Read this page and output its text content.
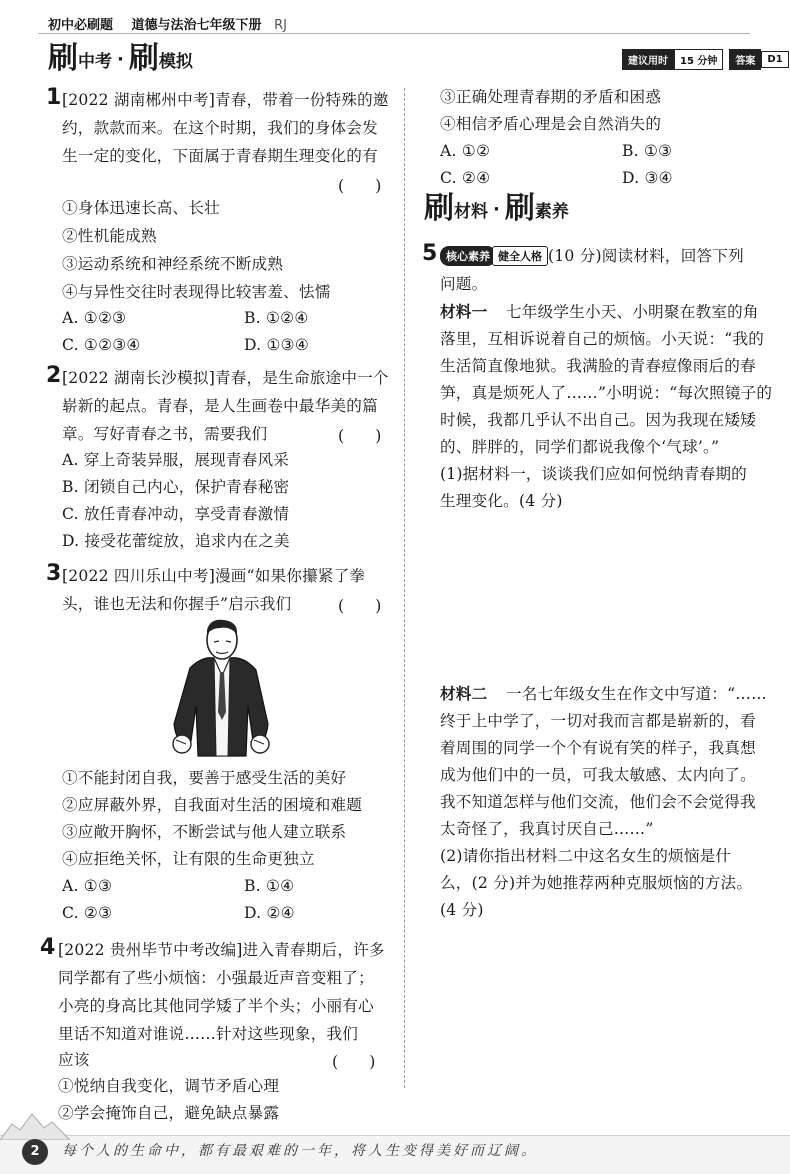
初中必刷题 道德与法治七年级下册 RJ
刷 中考 · 刷 模拟	建议用时	15 分钟	答案	D1
1 [2022 湖南郴州中考]青春，带着一份特殊的邀
约，款款而来。在这个时期，我们的身体会发
生一定的变化，下面属于青春期生理变化的有
(　　)
①身体迅速长高、长壮
②性机能成熟
③运动系统和神经系统不断成熟
④与异性交往时表现得比较害羞、怯懦
A. ①②③	B. ①②④
C. ①②③④	D. ①③④
2 [2022 湖南长沙模拟]青春，是生命旅途中一个
崭新的起点。青春，是人生画卷中最华美的篇
章。写好青春之书，需要我们	(　　)
A. 穿上奇装异服，展现青春风采
B. 闭锁自己内心，保护青春秘密
C. 放任青春冲动，享受青春激情
D. 接受花蕾绽放，追求内在之美
3 [2022 四川乐山中考]漫画“如果你攥紧了拳
头，谁也无法和你握手”启示我们	(　　)
①不能封闭自我，要善于感受生活的美好
②应屏蔽外界，自我面对生活的困境和难题
③应敞开胸怀，不断尝试与他人建立联系
④应拒绝关怀，让有限的生命更独立
A. ①③	B. ①④
C. ②③	D. ②④
4 [2022 贵州毕节中考改编]进入青春期后，许多
同学都有了些小烦恼：小强最近声音变粗了；
小亮的身高比其他同学矮了半个头；小丽有心
里话不知道对谁说……针对这些现象，我们
应该	(　　)
①悦纳自我变化，调节矛盾心理
②学会掩饰自己，避免缺点暴露
③正确处理青春期的矛盾和困惑
④相信矛盾心理是会自然消失的
A. ①②	B. ①③
C. ②④	D. ③④
刷 材料 · 刷 素养
5 核心素养 健全人格 (10 分)阅读材料，回答下列
问题。
材料一 七年级学生小天、小明聚在教室的角
落里，互相诉说着自己的烦恼。小天说：“我的
生活简直像地狱。我满脸的青春痘像雨后的春
笋，真是烦死人了……”小明说：“每次照镜子的
时候，我都几乎认不出自己。因为我现在矮矮
的、胖胖的，同学们都说我像个‘气球’。”
(1)据材料一，谈谈我们应如何悦纳青春期的
生理变化。(4 分)
材料二 一名七年级女生在作文中写道：“……
终于上中学了，一切对我而言都是崭新的，看
着周围的同学一个个有说有笑的样子，我真想
成为他们中的一员，可我太敏感、太内向了。
我不知道怎样与他们交流，他们会不会觉得我
太奇怪了，我真讨厌自己……”
(2)请你指出材料二中这名女生的烦恼是什
么，(2 分)并为她推荐两种克服烦恼的方法。
(4 分)
2	每个人的生命中，都有最艰难的一年，将人生变得美好而辽阔。
